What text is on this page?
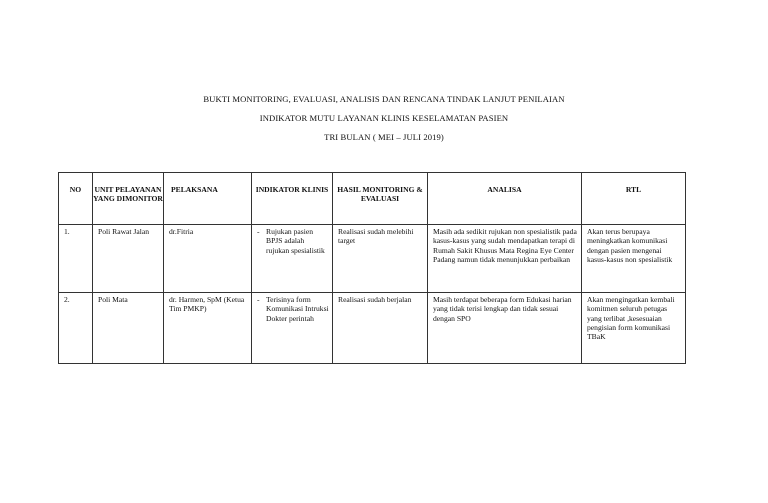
BUKTI MONITORING, EVALUASI, ANALISIS DAN RENCANA TINDAK LANJUT PENILAIAN
INDIKATOR MUTU LAYANAN KLINIS KESELAMATAN PASIEN
TRI BULAN ( MEI – JULI 2019)
NO	UNIT PELAYANAN YANG DIMONITOR	PELAKSANA	INDIKATOR KLINIS	HASIL MONITORING & EVALUASI	ANALISA	RTL

1.	Poli Rawat Jalan	dr.Fitria	- Rujukan pasien BPJS adalah rujukan spesialistik	Realisasi sudah melebihi target	Masih ada sedikit rujukan non spesialistik pada kasus-kasus yang sudah mendapatkan terapi di Rumah Sakit Khusus Mata Regina Eye Center Padang namun tidak menunjukkan perbaikan	Akan terus berupaya meningkatkan komunikasi dengan pasien mengenai kasus-kasus non spesialistik

2.	Poli Mata	dr. Harmen, SpM (Ketua Tim PMKP)	- Terisinya form Komunikasi Intruksi Dokter perintah	Realisasi sudah berjalan	Masih terdapat beberapa form Edukasi harian yang tidak terisi lengkap dan tidak sesuai dengan SPO	Akan mengingatkan kembali komitmen seluruh petugas yang terlibat ,kesesuaian pengisian form komunikasi TBaK
